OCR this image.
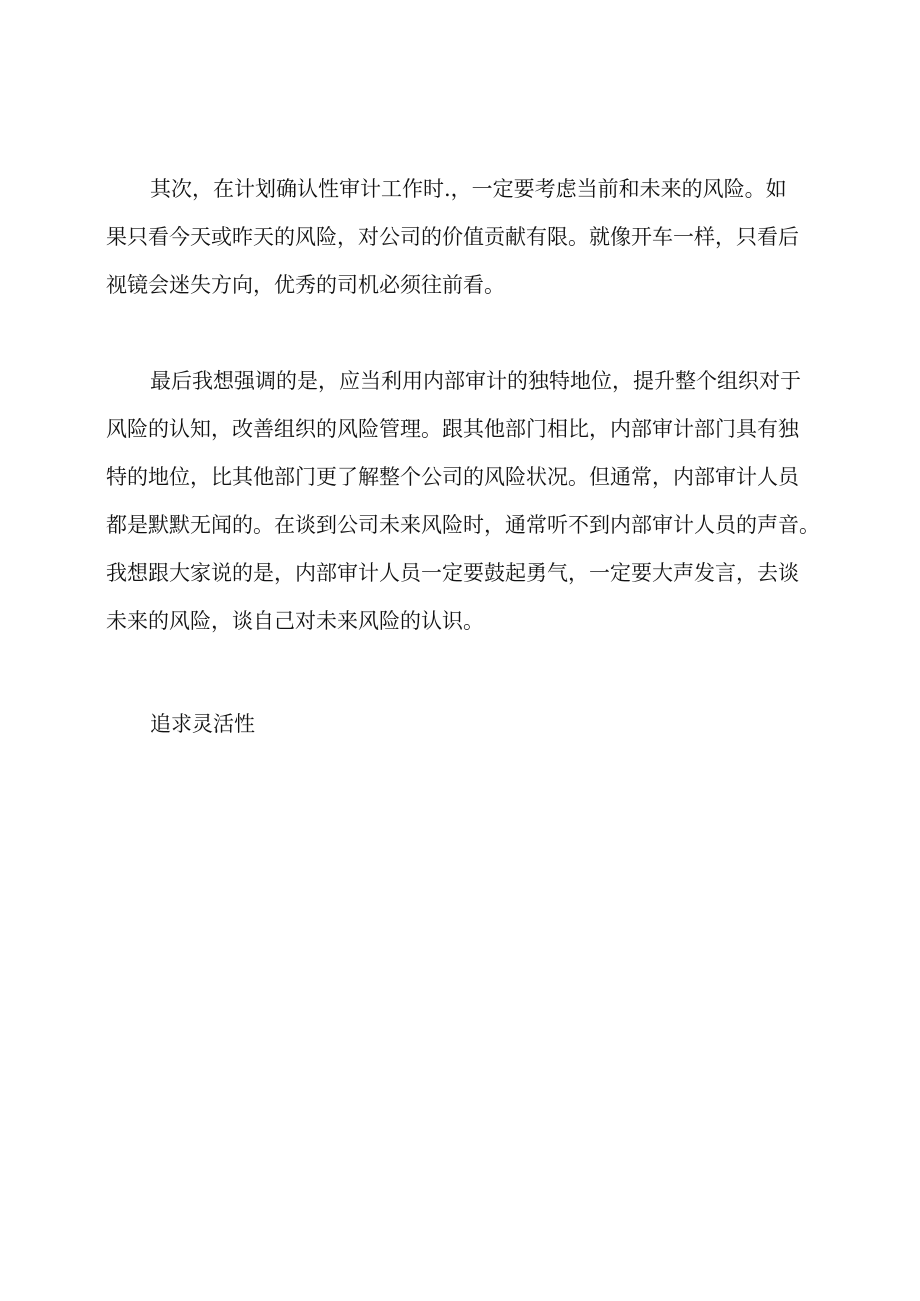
其次，在计划确认性审计工作时.，一定要考虑当前和未来的风险。如
果只看今天或昨天的风险，对公司的价值贡献有限。就像开车一样，只看后
视镜会迷失方向，优秀的司机必须往前看。
最后我想强调的是，应当利用内部审计的独特地位，提升整个组织对于
风险的认知，改善组织的风险管理。跟其他部门相比，内部审计部门具有独
特的地位，比其他部门更了解整个公司的风险状况。但通常，内部审计人员
都是默默无闻的。在谈到公司未来风险时，通常听不到内部审计人员的声音。
我想跟大家说的是，内部审计人员一定要鼓起勇气，一定要大声发言，去谈
未来的风险，谈自己对未来风险的认识。
追求灵活性
